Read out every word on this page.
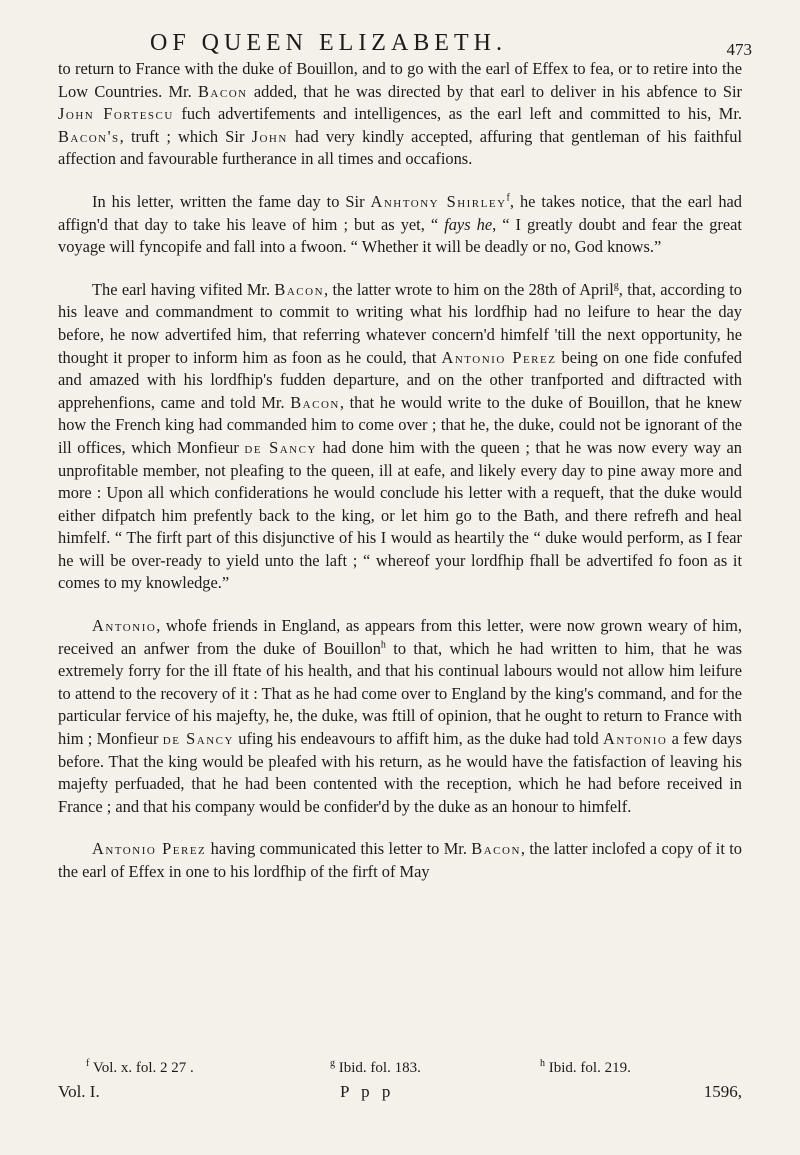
OF QUEEN ELIZABETH.	473

to return to France with the duke of Bouillon, and to go with the earl of Effex to fea, or to retire into the Low Countries. Mr. Bacon added, that he was directed by that earl to deliver in his abfence to Sir John Fortescu fuch advertifements and intelligences, as the earl left and committed to his, Mr. Bacon's, truft ; which Sir John had very kindly accepted, affuring that gentleman of his faithful affection and favourable furtherance in all times and occafions.

In his letter, written the fame day to Sir Anhtony Shirley$^f$, he takes notice, that the earl had affign'd that day to take his leave of him ; but as yet, “ fays he, “ I greatly doubt and fear the great voyage will fyncopife and fall into a fwoon. “ Whether it will be deadly or no, God knows.”

The earl having vifited Mr. Bacon, the latter wrote to him on the 28th of April$^g$, that, according to his leave and commandment to commit to writing what his lordfhip had no leifure to hear the day before, he now advertifed him, that referring whatever concern'd himfelf 'till the next opportunity, he thought it proper to inform him as foon as he could, that Antonio Perez being on one fide confufed and amazed with his lordfhip's fudden departure, and on the other tranfported and diftracted with apprehenfions, came and told Mr. Bacon, that he would write to the duke of Bouillon, that he knew how the French king had commanded him to come over ; that he, the duke, could not be ignorant of the ill offices, which Monfieur de Sancy had done him with the queen ; that he was now every way an unprofitable member, not pleafing to the queen, ill at eafe, and likely every day to pine away more and more : Upon all which confiderations he would conclude his letter with a requeft, that the duke would either difpatch him prefently back to the king, or let him go to the Bath, and there refrefh and heal himfelf. “ The firft part of this disjunctive of his I would as heartily the “ duke would perform, as I fear he will be over-ready to yield unto the laft ; “ whereof your lordfhip fhall be advertifed fo foon as it comes to my knowledge.”

Antonio, whofe friends in England, as appears from this letter, were now grown weary of him, received an anfwer from the duke of Bouillon$^h$ to that, which he had written to him, that he was extremely forry for the ill ftate of his health, and that his continual labours would not allow him leifure to attend to the recovery of it : That as he had come over to England by the king's command, and for the particular fervice of his majefty, he, the duke, was ftill of opinion, that he ought to return to France with him ; Monfieur de Sancy ufing his endeavours to affift him, as the duke had told Antonio a few days before. That the king would be pleafed with his return, as he would have the fatisfaction of leaving his majefty perfuaded, that he had been contented with the reception, which he had before received in France ; and that his company would be confider'd by the duke as an honour to himfelf.

Antonio Perez having communicated this letter to Mr. Bacon, the latter inclofed a copy of it to the earl of Effex in one to his lordfhip of the firft of May

$^f$ Vol. x. fol. 2 27 .	$^g$ Ibid. fol. 183.	$^h$ Ibid. fol. 219.
Vol. I.	P p p	1596,
